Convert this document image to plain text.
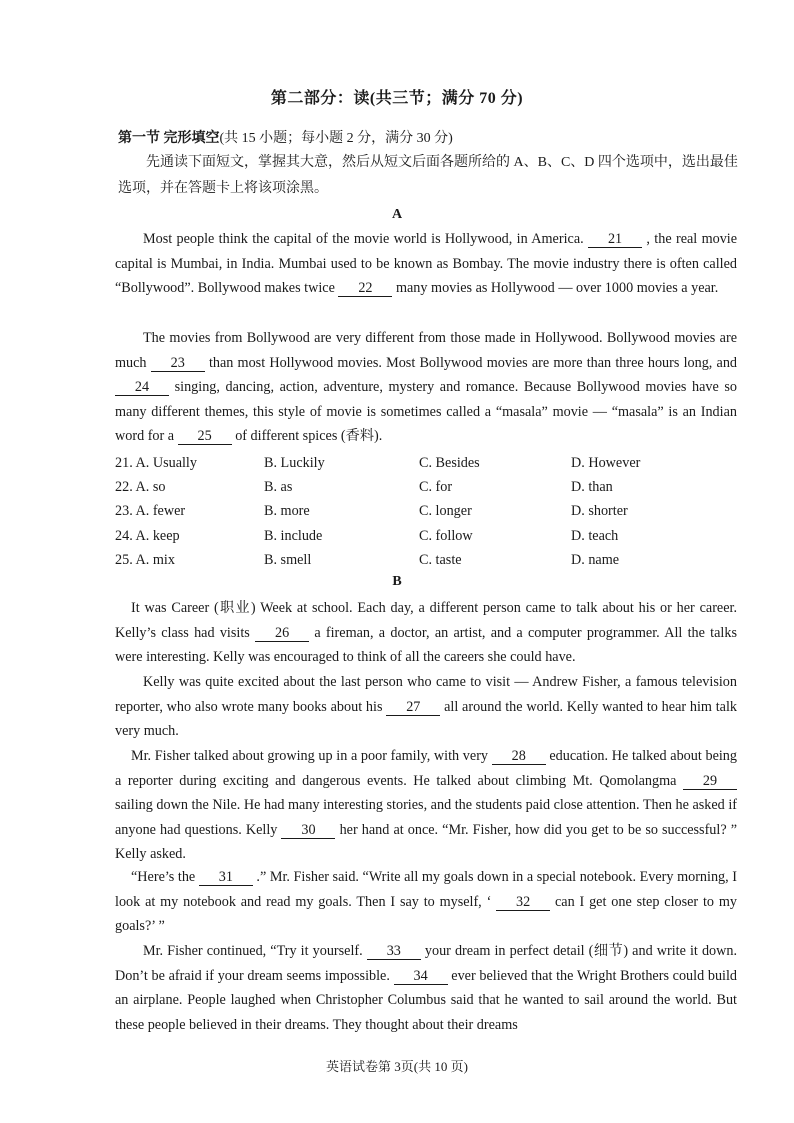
第二部分：读(共三节；满分 70 分)
第一节 完形填空(共 15 小题；每小题 2 分，满分 30 分)
先通读下面短文，掌握其大意，然后从短文后面各题所给的 A、B、C、D 四个选项中，选出最佳选项，并在答题卡上将该项涂黑。
A
Most people think the capital of the movie world is Hollywood, in America. 21 , the real movie capital is Mumbai, in India. Mumbai used to be known as Bombay. The movie industry there is often called “Bollywood”. Bollywood makes twice 22 many movies as Hollywood — over 1000 movies a year.
The movies from Bollywood are very different from those made in Hollywood. Bollywood movies are much 23 than most Hollywood movies. Most Bollywood movies are more than three hours long, and 24 singing, dancing, action, adventure, mystery and romance. Because Bollywood movies have so many different themes, this style of movie is sometimes called a “masala” movie — “masala” is an Indian word for a 25 of different spices (香料).
21. A. Usually	B. Luckily	C. Besides	D. However
22. A. so	B. as	C. for	D. than
23. A. fewer	B. more	C. longer	D. shorter
24. A. keep	B. include	C. follow	D. teach
25. A. mix	B. smell	C. taste	D. name
B
It was Career (职业) Week at school. Each day, a different person came to talk about his or her career. Kelly’s class had visits 26 a fireman, a doctor, an artist, and a computer programmer. All the talks were interesting. Kelly was encouraged to think of all the careers she could have.
Kelly was quite excited about the last person who came to visit — Andrew Fisher, a famous television reporter, who also wrote many books about his 27 all around the world. Kelly wanted to hear him talk very much.
Mr. Fisher talked about growing up in a poor family, with very 28 education. He talked about being a reporter during exciting and dangerous events. He talked about climbing Mt. Qomolangma 29 sailing down the Nile. He had many interesting stories, and the students paid close attention. Then he asked if anyone had questions. Kelly 30 her hand at once. “Mr. Fisher, how did you get to be so successful? ” Kelly asked.
“Here’s the 31 .” Mr. Fisher said. “Write all my goals down in a special notebook. Every morning, I look at my notebook and read my goals. Then I say to myself, ‘ 32 can I get one step closer to my goals?’ ”
Mr. Fisher continued, “Try it yourself. 33 your dream in perfect detail (细节) and write it down. Don’t be afraid if your dream seems impossible. 34 ever believed that the Wright Brothers could build an airplane. People laughed when Christopher Columbus said that he wanted to sail around the world. But these people believed in their dreams. They thought about their dreams
英语试卷第 3页(共 10 页)
